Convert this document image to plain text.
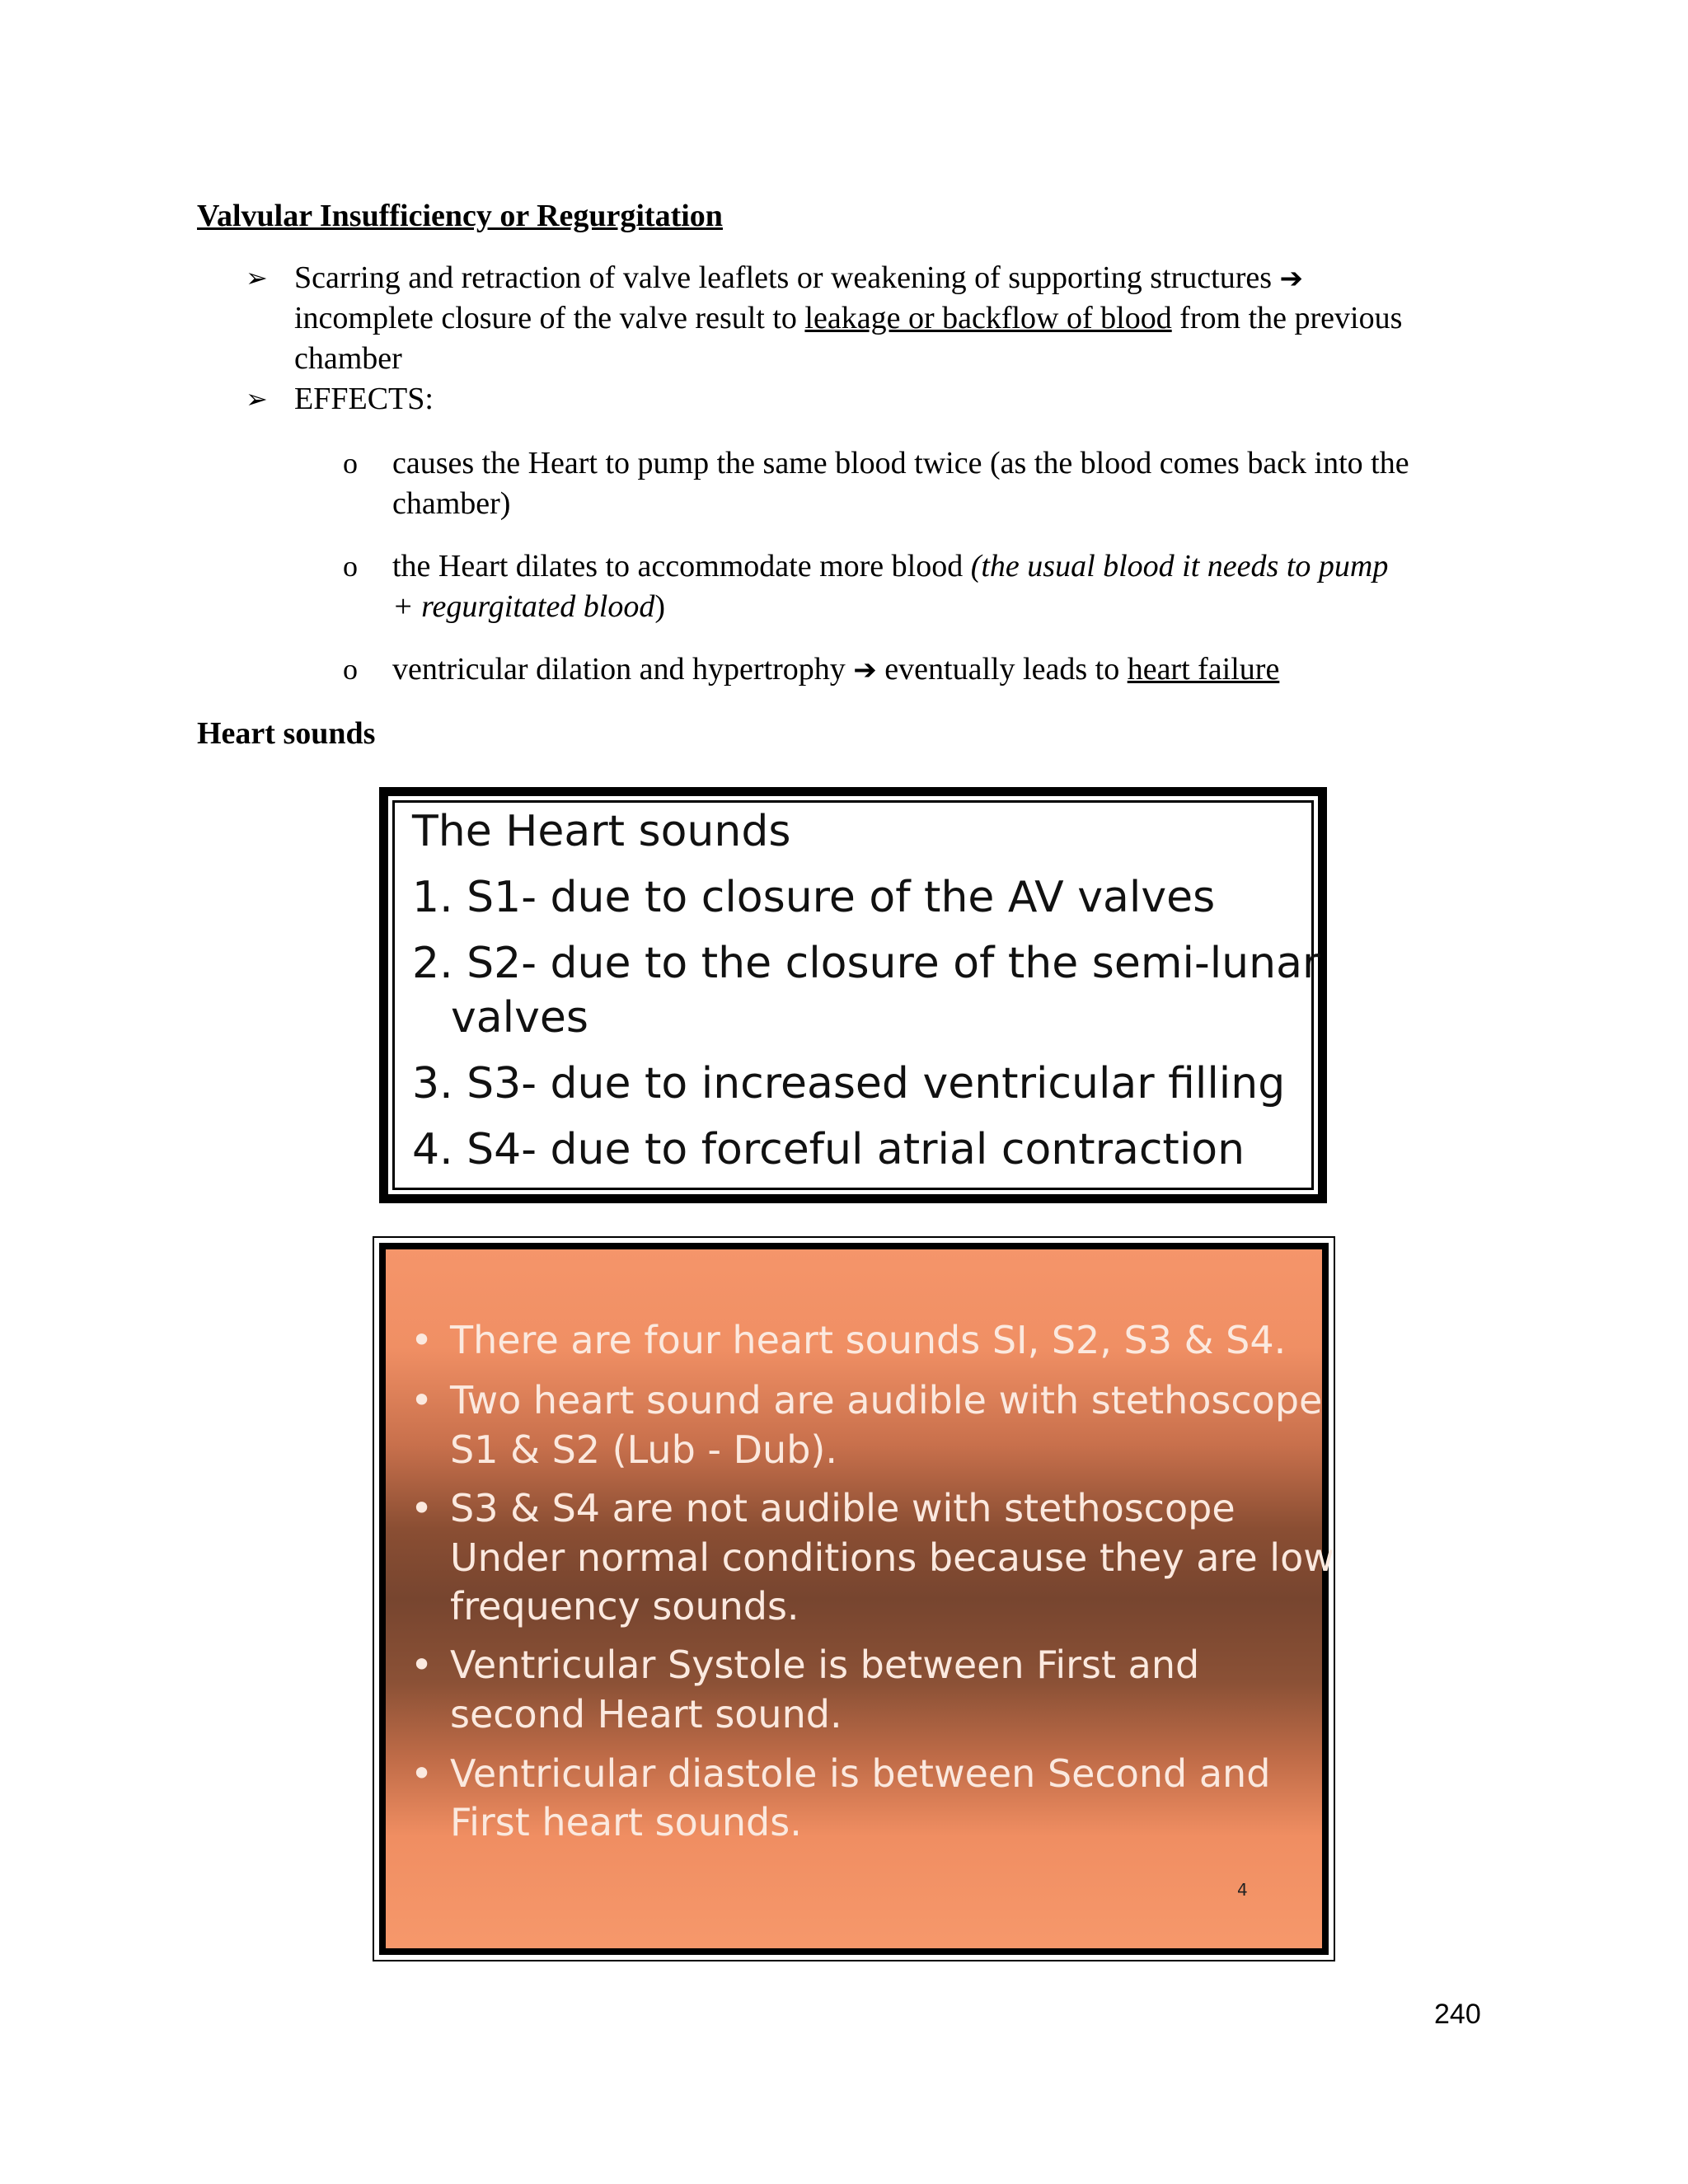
Valvular Insufficiency or Regurgitation
➢ Scarring and retraction of valve leaflets or weakening of supporting structures ➔
incomplete closure of the valve result to leakage or backflow of blood from the previous
chamber
➢ EFFECTS:
o causes the Heart to pump the same blood twice (as the blood comes back into the
chamber)
o the Heart dilates to accommodate more blood (the usual blood it needs to pump
+ regurgitated blood)
o ventricular dilation and hypertrophy ➔ eventually leads to heart failure
Heart sounds
The Heart sounds
1. S1- due to closure of the AV valves
2. S2- due to the closure of the semi-lunar
valves
3. S3- due to increased ventricular filling
4. S4- due to forceful atrial contraction
• There are four heart sounds SI, S2, S3 & S4.
• Two heart sound are audible with stethoscope
S1 & S2 (Lub - Dub).
• S3 & S4 are not audible with stethoscope
Under normal conditions because they are low
frequency sounds.
• Ventricular Systole is between First and
second Heart sound.
• Ventricular diastole is between Second and
First heart sounds.
4
240
